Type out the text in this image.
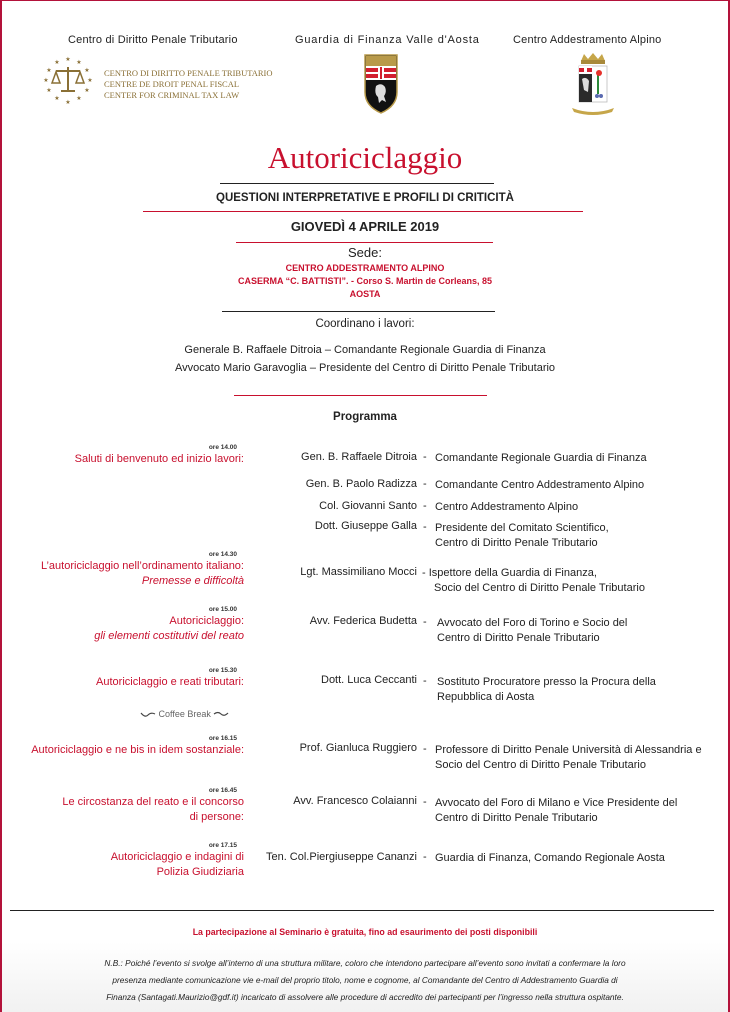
Centro di Diritto Penale Tributario
★
★	★
★	★
★	★
★	★
★	★
★
CENTRO DI DIRITTO PENALE TRIBUTARIO
CENTRE DE DROIT PENAL FISCAL
CENTER FOR CRIMINAL TAX LAW
Guardia di Finanza Valle d'Aosta	Centro Addestramento Alpino
Autoriciclaggio
QUESTIONI INTERPRETATIVE E PROFILI DI CRITICITÀ
GIOVEDÌ 4 APRILE 2019
Sede:
CENTRO ADDESTRAMENTO ALPINO
CASERMA “C. BATTISTI”. - Corso S. Martin de Corleans, 85
AOSTA
Coordinano i lavori:
Generale B. Raffaele Ditroia – Comandante Regionale Guardia di Finanza
Avvocato Mario Garavoglia – Presidente del Centro di Diritto Penale Tributario
Programma
ore 14.00
Saluti di benvenuto ed inizio lavori:	Gen. B. Raffaele Ditroia - Comandante Regionale Guardia di Finanza
Gen. B. Paolo Radizza - Comandante Centro Addestramento Alpino
Col. Giovanni Santo - Centro Addestramento Alpino
Dott. Giuseppe Galla - Presidente del Comitato Scientifico,
Centro di Diritto Penale Tributario
ore 14.30
L’autoriciclaggio nell’ordinamento italiano:
Premesse e difficoltà
Lgt. Massimiliano Mocci - Ispettore della Guardia di Finanza,
Socio del Centro di Diritto Penale Tributario
ore 15.00
Autoriciclaggio:
gli elementi costitutivi del reato
Avv. Federica Budetta - Avvocato del Foro di Torino e Socio del
Centro di Diritto Penale Tributario
ore 15.30
Autoriciclaggio e reati tributari:	Dott. Luca Ceccanti - Sostituto Procuratore presso la Procura della
Repubblica di Aosta
Coffee Break
ore 16.15
Autoriciclaggio e ne bis in idem sostanziale:	Prof. Gianluca Ruggiero - Professore di Diritto Penale Università di Alessandria e
Socio del Centro di Diritto Penale Tributario
ore 16.45
Le circostanza del reato e il concorso
di persone:
Avv. Francesco Colaianni - Avvocato del Foro di Milano e Vice Presidente del
Centro di Diritto Penale Tributario
ore 17.15
Autoriciclaggio e indagini di
Polizia Giudiziaria
Ten. Col.Piergiuseppe Cananzi - Guardia di Finanza, Comando Regionale Aosta
La partecipazione al Seminario è gratuita, fino ad esaurimento dei posti disponibili
N.B.: Poiché l’evento si svolge all’interno di una struttura militare, coloro che intendono partecipare all’evento sono invitati a confermare la loro
presenza mediante comunicazione vie e-mail del proprio titolo, nome e cognome, al Comandante del Centro di Addestramento Guardia di
Finanza (Santagati.Maurizio@gdf.it) incaricato di assolvere alle procedure di accredito dei partecipanti per l’ingresso nella struttura ospitante.
